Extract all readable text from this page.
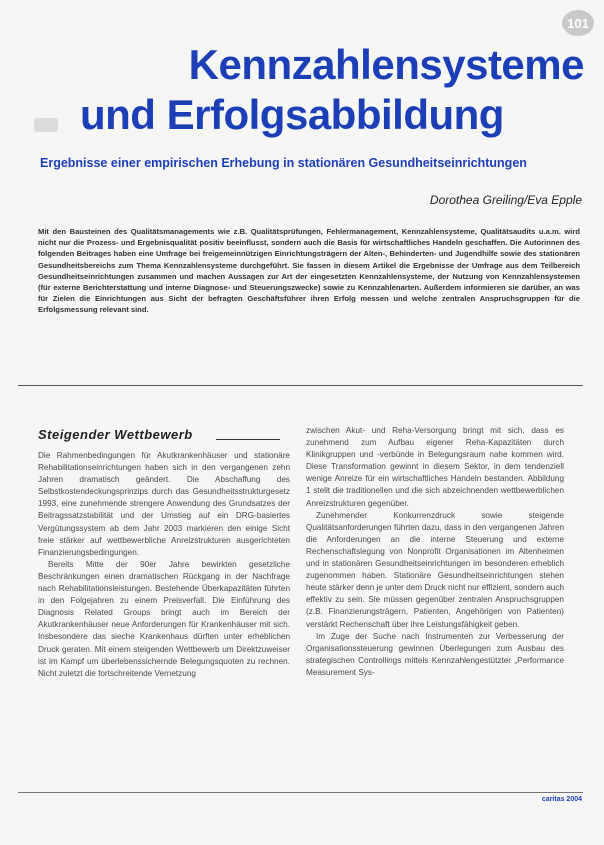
101
Kennzahlensysteme
und Erfolgsabbildung
Ergebnisse einer empirischen Erhebung in stationären Gesundheitseinrichtungen
Dorothea Greiling/Eva Epple

Mit den Bausteinen des Qualitätsmanagements wie z.B. Qualitätsprüfungen, Fehlermanagement, Kennzahlensysteme, Qualitätsaudits u.a.m. wird nicht nur die Prozess- und Ergebnisqualität positiv beeinflusst, sondern auch die Basis für wirtschaftliches Handeln geschaffen. Die Autorinnen des folgenden Beitrages haben eine Umfrage bei freigemeinnützigen Einrichtungsträgern der Alten-, Behinderten- und Jugendhilfe sowie des stationären Gesundheitsbereichs zum Thema Kennzahlensysteme durchgeführt. Sie fassen in diesem Artikel die Ergebnisse der Umfrage aus dem Teilbereich Gesundheitseinrichtungen zusammen und machen Aussagen zur Art der eingesetzten Kennzahlensysteme, der Nutzung von Kennzahlensystemen (für externe Berichterstattung und interne Diagnose- und Steuerungszwecke) sowie zu Kennzahlenarten. Außerdem informieren sie darüber, an was für Zielen die Einrichtungen aus Sicht der befragten Geschäftsführer ihren Erfolg messen und welche zentralen Anspruchsgruppen für die Erfolgsmessung relevant sind.

Steigender Wettbewerb

Die Rahmenbedingungen für Akutkrankenhäuser und stationäre Rehabilitationseinrichtungen haben sich in den vergangenen zehn Jahren dramatisch geändert. Die Abschaffung des Selbstkostendeckungsprinzips durch das Gesundheitsstrukturgesetz 1993, eine zunehmende strengere Anwendung des Grundsatzes der Beitragssatzstabilität und der Umstieg auf ein DRG-basiertes Vergütungssystem ab dem Jahr 2003 markieren den einige Sicht freie stärker auf wettbewerbliche Anreizstrukturen ausgerichteten Finanzierungsbedingungen.

Bereits Mitte der 90er Jahre bewirkten gesetzliche Beschränkungen einen dramatischen Rückgang in der Nachfrage nach Rehabilitationsleistungen. Bestehende Überkapazitäten führten in den Folgejahren zu einem Preisverfall. Die Einführung des Diagnosis Related Groups bringt auch im Bereich der Akutkrankenhäuser neue Anforderungen für Krankenhäuser mit sich. Insbesondere das sieche Krankenhaus dürften unter erheblichen Druck geraten. Mit einem steigenden Wettbewerb um Direktzuweiser ist im Kampf um überlebenssichernde Belegungsquoten zu rechnen. Nicht zuletzt die fortschreitende Vernetzung

zwischen Akut- und Reha-Versorgung bringt mit sich, dass es zunehmend zum Aufbau eigener Reha-Kapazitäten durch Klinikgruppen und -verbünde in Belegungsraum nahe kommen wird. Diese Transformation gewinnt in diesem Sektor, in dem tendenziell wenige Anreize für ein wirtschaftliches Handeln bestanden. Abbildung 1 stellt die traditionellen und die sich abzeichnenden wettbewerblichen Anreizstrukturen gegenüber.

Zunehmender Konkurrenzdruck sowie steigende Qualitätsanforderungen führten dazu, dass in den vergangenen Jahren die Anforderungen an die interne Steuerung und externe Rechenschaftslegung von Nonprofit Organisationen im Altenheimen und in stationären Gesundheitseinrichtungen im besonderen erheblich zugenommen haben. Stationäre Gesundheitseinrichtungen stehen heute stärker denn je unter dem Druck nicht nur effizient, sondern auch effektiv zu sein. Sie müssen gegenüber zentralen Anspruchsgruppen (z.B. Finanzierungsträgern, Patienten, Angehörigen von Patienten) verstärkt Rechenschaft über ihre Leistungsfähigkeit geben.

Im Zuge der Suche nach Instrumenten zur Verbesserung der Organisationssteuerung gewinnen Überlegungen zum Ausbau des strategischen Controllings mittels Kennzahlengestützter „Performance Measurement Sys-

caritas 2004
